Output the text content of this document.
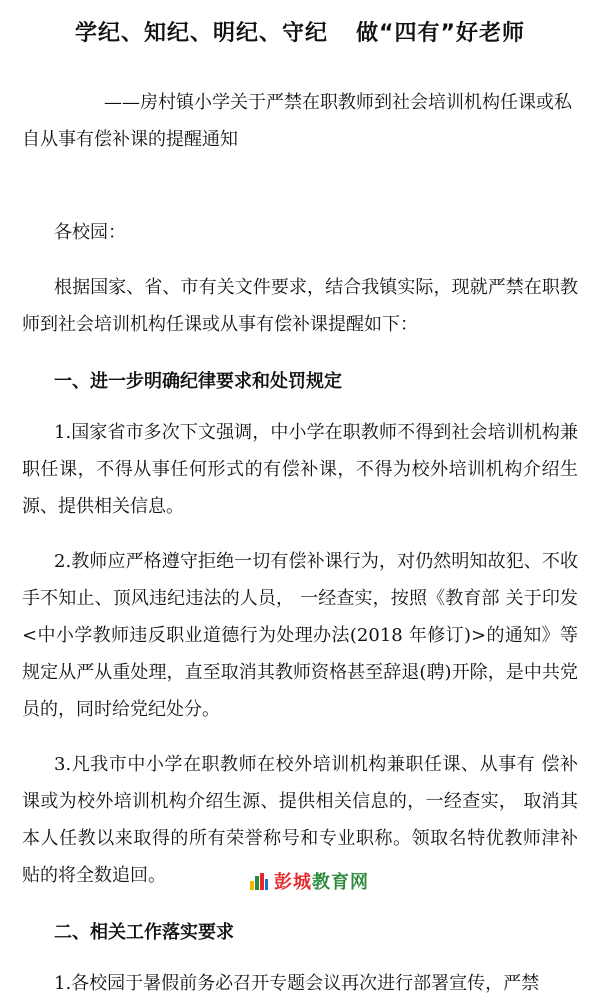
学纪、知纪、明纪、守纪 做“四有”好老师
——房村镇小学关于严禁在职教师到社会培训机构任课或私自从事有偿补课的提醒通知
各校园：

根据国家、省、市有关文件要求，结合我镇实际，现就严禁在职教师到社会培训机构任课或从事有偿补课提醒如下：

一、进一步明确纪律要求和处罚规定

1.国家省市多次下文强调，中小学在职教师不得到社会培训机构兼职任课，不得从事任何形式的有偿补课，不得为校外培训机构介绍生源、提供相关信息。

2.教师应严格遵守拒绝一切有偿补课行为，对仍然明知故犯、不收手不知止、顶风违纪违法的人员， 一经查实，按照《教育部 关于印发<中小学教师违反职业道德行为处理办法(2018 年修订)>的通知》等规定从严从重处理，直至取消其教师资格甚至辞退(聘)开除，是中共党员的，同时给党纪处分。

3.凡我市中小学在职教师在校外培训机构兼职任课、从事有 偿补课或为校外培训机构介绍生源、提供相关信息的，一经查实， 取消其本人任教以来取得的所有荣誉称号和专业职称。领取名特优教师津补贴的将全数追回。

二、相关工作落实要求

1.各校园于暑假前务必召开专题会议再次进行部署宣传，严禁

彭城教育网
